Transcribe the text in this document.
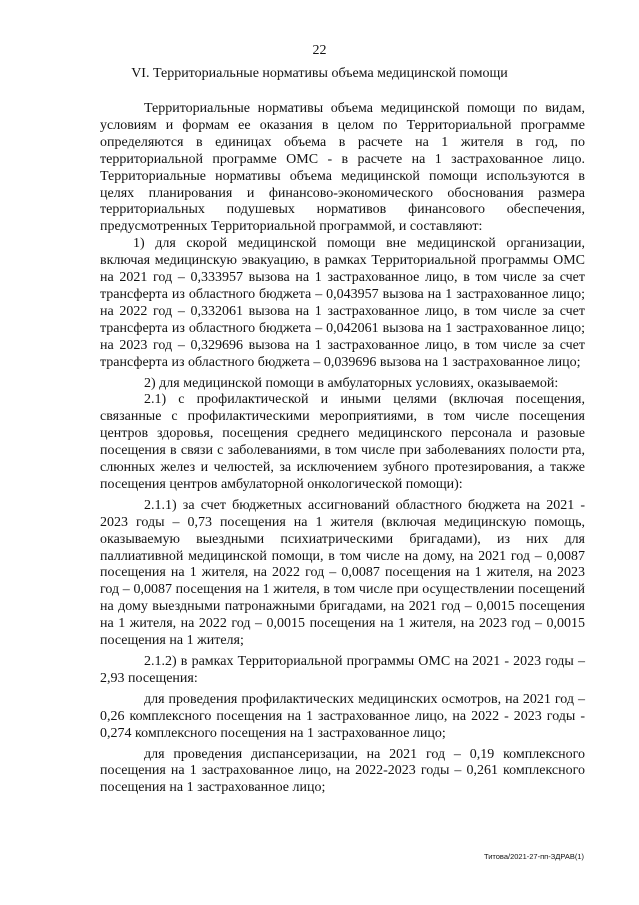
22
VI. Территориальные нормативы объема медицинской помощи

Территориальные нормативы объема медицинской помощи по видам, условиям и формам ее оказания в целом по Территориальной программе определяются в единицах объема в расчете на 1 жителя в год, по территориальной программе ОМС - в расчете на 1 застрахованное лицо. Территориальные нормативы объема медицинской помощи используются в целях планирования и финансово-экономического обоснования размера территориальных подушевых нормативов финансового обеспечения, предусмотренных Территориальной программой, и составляют:

1) для скорой медицинской помощи вне медицинской организации, включая медицинскую эвакуацию, в рамках Территориальной программы ОМС на 2021 год – 0,333957 вызова на 1 застрахованное лицо, в том числе за счет трансферта из областного бюджета – 0,043957 вызова на 1 застрахованное лицо; на 2022 год – 0,332061 вызова на 1 застрахованное лицо, в том числе за счет трансферта из областного бюджета – 0,042061 вызова на 1 застрахованное лицо; на 2023 год – 0,329696 вызова на 1 застрахованное лицо, в том числе за счет трансферта из областного бюджета – 0,039696 вызова на 1 застрахованное лицо;

2) для медицинской помощи в амбулаторных условиях, оказываемой:

2.1) с профилактической и иными целями (включая посещения, связанные с профилактическими мероприятиями, в том числе посещения центров здоровья, посещения среднего медицинского персонала и разовые посещения в связи с заболеваниями, в том числе при заболеваниях полости рта, слюнных желез и челюстей, за исключением зубного протезирования, а также посещения центров амбулаторной онкологической помощи):

2.1.1) за счет бюджетных ассигнований областного бюджета на 2021 - 2023 годы – 0,73 посещения на 1 жителя (включая медицинскую помощь, оказываемую выездными психиатрическими бригадами), из них для паллиативной медицинской помощи, в том числе на дому, на 2021 год – 0,0087 посещения на 1 жителя, на 2022 год – 0,0087 посещения на 1 жителя, на 2023 год – 0,0087 посещения на 1 жителя, в том числе при осуществлении посещений на дому выездными патронажными бригадами, на 2021 год – 0,0015 посещения на 1 жителя, на 2022 год – 0,0015 посещения на 1 жителя, на 2023 год – 0,0015 посещения на 1 жителя;

2.1.2) в рамках Территориальной программы ОМС на 2021 - 2023 годы – 2,93 посещения:

для проведения профилактических медицинских осмотров, на 2021 год – 0,26 комплексного посещения на 1 застрахованное лицо, на 2022 - 2023 годы - 0,274 комплексного посещения на 1 застрахованное лицо;

для проведения диспансеризации, на 2021 год – 0,19 комплексного посещения на 1 застрахованное лицо, на 2022-2023 годы – 0,261 комплексного посещения на 1 застрахованное лицо;

Титова/2021-27-пп-ЗДРАВ(1)
